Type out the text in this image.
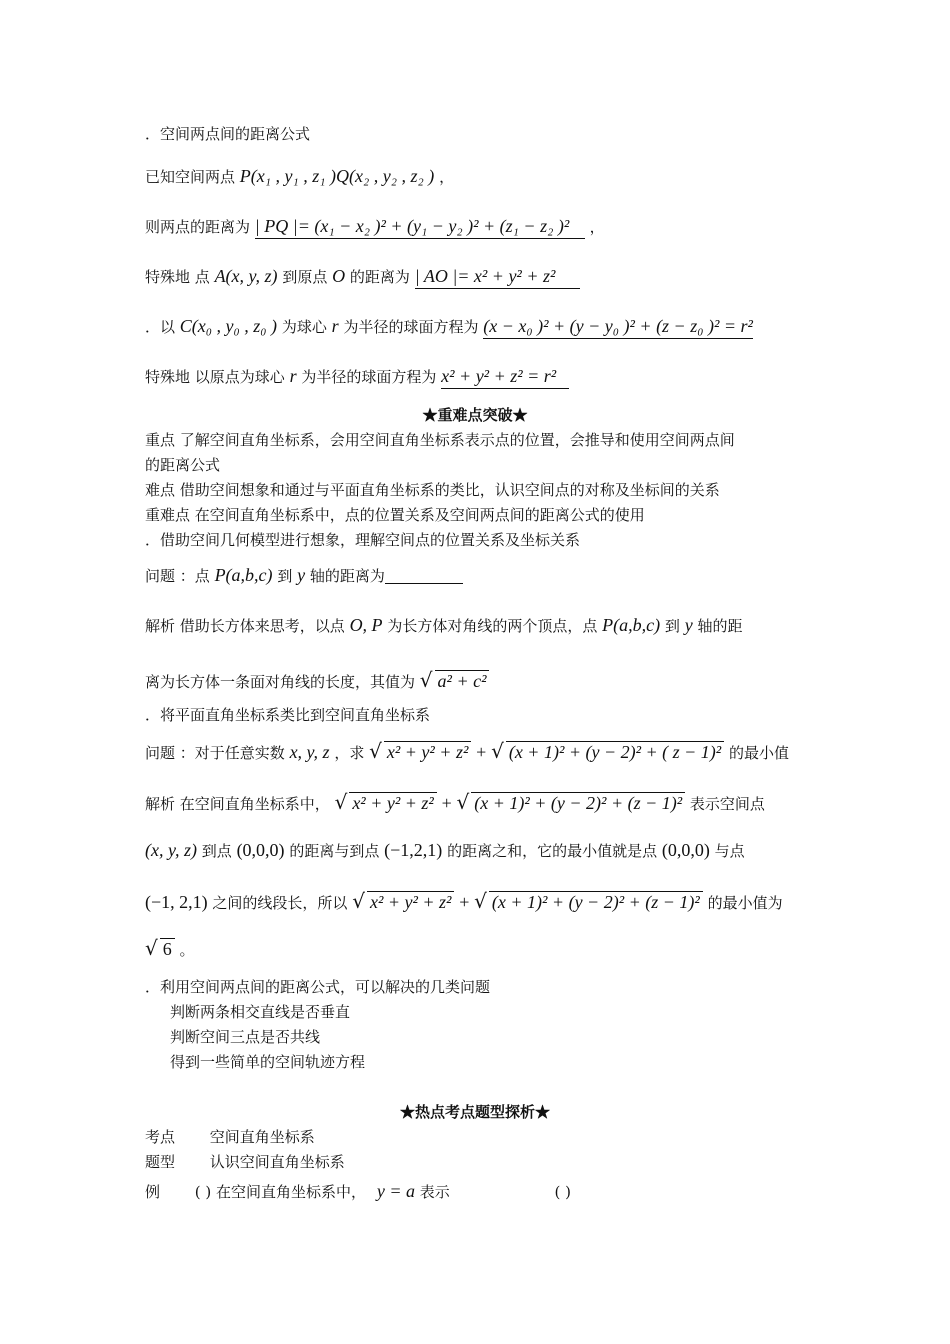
．空间两点间的距离公式
已知空间两点 P(x₁ , y₁ , z₁ )Q(x₂ , y₂ , z₂ ) ，
则两点的距离为 | PQ |= (x₁ − x₂ )² + (y₁ − y₂ )² + (z₁ − z₂ )² ，
特殊地 点 A(x, y, z) 到原点 O 的距离为 | AO |= x² + y² + z²
．以 C(x₀ , y₀ , z₀ ) 为球心 r 为半径的球面方程为 (x − x₀ )² + (y − y₀ )² + (z − z₀ )² = r²
特殊地 以原点为球心 r 为半径的球面方程为 x² + y² + z² = r²
★重难点突破★
重点 了解空间直角坐标系，会用空间直角坐标系表示点的位置，会推导和使用空间两点间
的距离公式
难点 借助空间想象和通过与平面直角坐标系的类比，认识空间点的对称及坐标间的关系
重难点 在空间直角坐标系中，点的位置关系及空间两点间的距离公式的使用
．借助空间几何模型进行想象，理解空间点的位置关系及坐标关系
问题 ：点 P(a,b,c) 到 y 轴的距离为
解析 借助长方体来思考，以点 O, P 为长方体对角线的两个顶点，点 P(a,b,c) 到 y 轴的距
离为长方体一条面对角线的长度，其值为 √ a² + c²
．将平面直角坐标系类比到空间直角坐标系
问题 ：对于任意实数 x, y, z ，求 √ x² + y² + z² + √ (x + 1)² + (y − 2)² + ( z − 1)² 的最小值
解析 在空间直角坐标系中， √ x² + y² + z² + √ (x + 1)² + (y − 2)² + (z − 1)² 表示空间点
(x, y, z) 到点 (0,0,0) 的距离与到点 (−1,2,1) 的距离之和，它的最小值就是点 (0,0,0) 与点
(−1, 2,1) 之间的线段长，所以 √ x² + y² + z² + √ (x + 1)² + (y − 2)² + (z − 1)² 的最小值为
√ 6 。
．利用空间两点间的距离公式，可以解决的几类问题
判断两条相交直线是否垂直
判断空间三点是否共线
得到一些简单的空间轨迹方程
★热点考点题型探析★
考点 空间直角坐标系
题型 认识空间直角坐标系
例 ( ) 在空间直角坐标系中， y = a 表示	( )
